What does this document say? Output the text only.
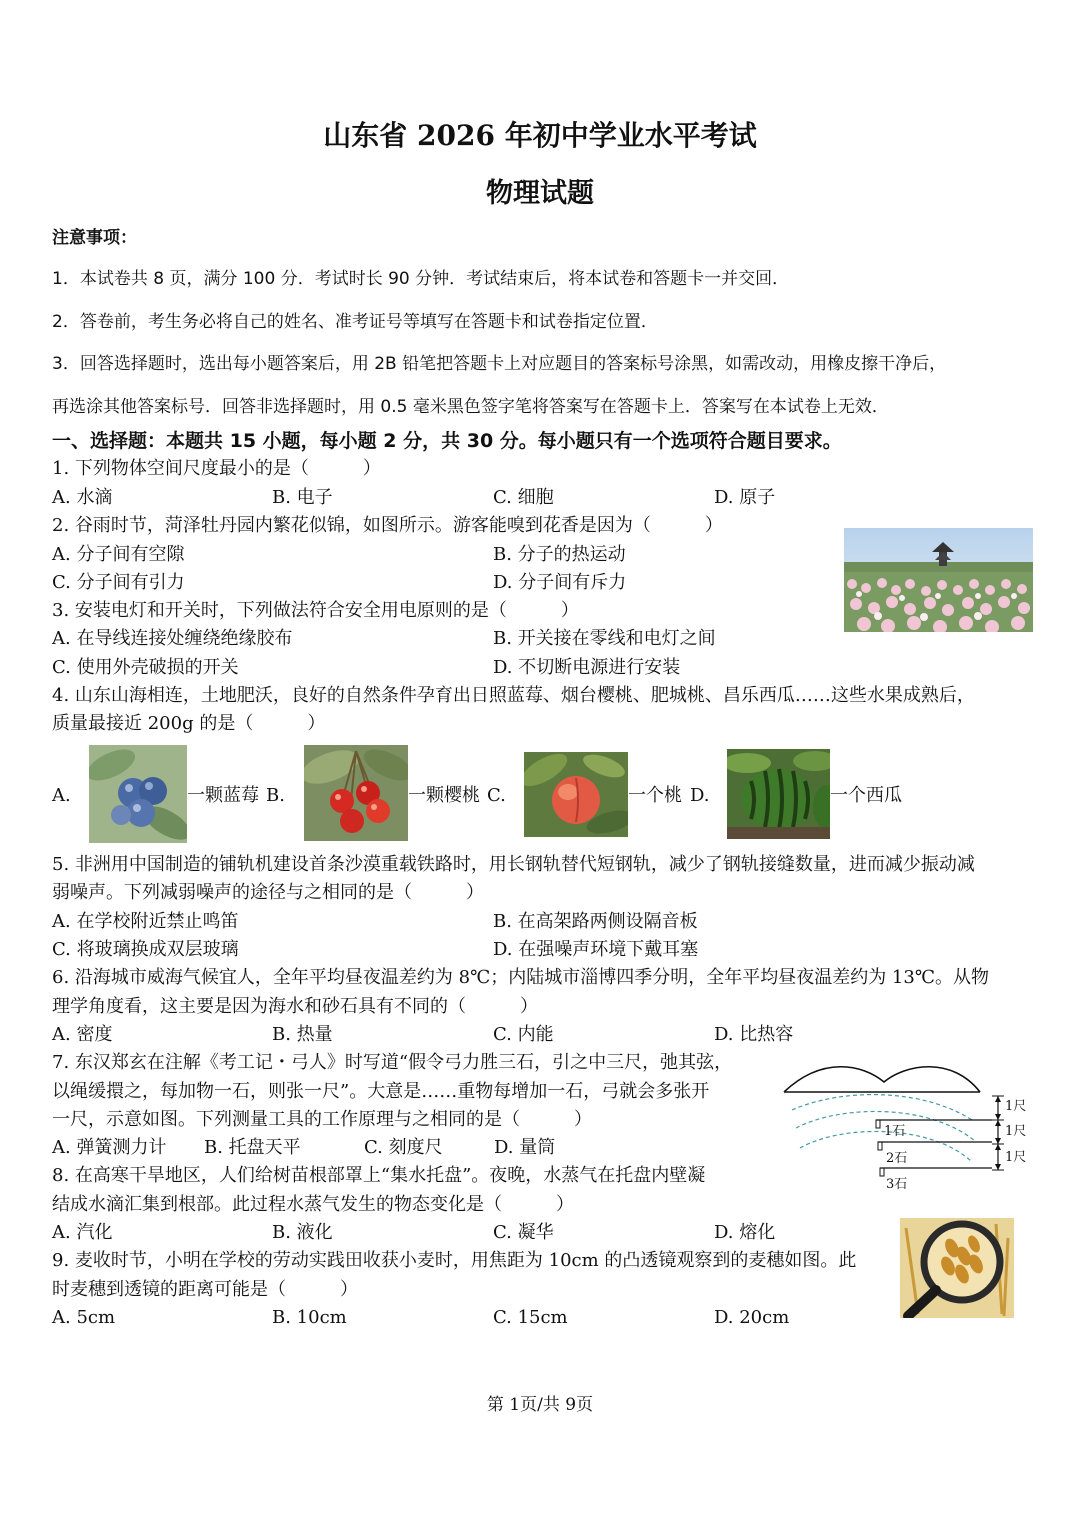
山东省 2026 年初中学业水平考试
物理试题
注意事项：
1．本试卷共 8 页，满分 100 分．考试时长 90 分钟．考试结束后，将本试卷和答题卡一并交回．
2．答卷前，考生务必将自己的姓名、准考证号等填写在答题卡和试卷指定位置．
3．回答选择题时，选出每小题答案后，用 2B 铅笔把答题卡上对应题目的答案标号涂黑，如需改动，用橡皮擦干净后，
再选涂其他答案标号．回答非选择题时，用 0.5 毫米黑色签字笔将答案写在答题卡上．答案写在本试卷上无效．
一、选择题：本题共 15 小题，每小题 2 分，共 30 分。每小题只有一个选项符合题目要求。
1. 下列物体空间尺度最小的是（　　　）
A. 水滴	B. 电子	C. 细胞	D. 原子
2. 谷雨时节，菏泽牡丹园内繁花似锦，如图所示。游客能嗅到花香是因为（　　　）
A. 分子间有空隙	B. 分子的热运动
C. 分子间有引力	D. 分子间有斥力
3. 安装电灯和开关时，下列做法符合安全用电原则的是（　　　）
A. 在导线连接处缠绕绝缘胶布	B. 开关接在零线和电灯之间
C. 使用外壳破损的开关	D. 不切断电源进行安装
4. 山东山海相连，土地肥沃，良好的自然条件孕育出日照蓝莓、烟台樱桃、肥城桃、昌乐西瓜……这些水果成熟后，
质量最接近 200g 的是（　　　）
A.	一颗蓝莓 B.	一颗樱桃 C.	一个桃 D.	一个西瓜
5. 非洲用中国制造的铺轨机建设首条沙漠重载铁路时，用长钢轨替代短钢轨，减少了钢轨接缝数量，进而减少振动减
弱噪声。下列减弱噪声的途径与之相同的是（　　　）
A. 在学校附近禁止鸣笛	B. 在高架路两侧设隔音板
C. 将玻璃换成双层玻璃	D. 在强噪声环境下戴耳塞
6. 沿海城市威海气候宜人，全年平均昼夜温差约为 8℃；内陆城市淄博四季分明，全年平均昼夜温差约为 13℃。从物
理学角度看，这主要是因为海水和砂石具有不同的（　　　）
A. 密度	B. 热量	C. 内能	D. 比热容
7. 东汉郑玄在注解《考工记・弓人》时写道“假令弓力胜三石，引之中三尺，弛其弦，
以绳缓擐之，每加物一石，则张一尺”。大意是……重物每增加一石，弓就会多张开
一尺，示意如图。下列测量工具的工作原理与之相同的是（　　　）
A. 弹簧测力计 B. 托盘天平	C. 刻度尺	D. 量筒
1尺
1尺
1尺
1石
2石
3石
8. 在高寒干旱地区，人们给树苗根部罩上“集水托盘”。夜晚，水蒸气在托盘内壁凝
结成水滴汇集到根部。此过程水蒸气发生的物态变化是（　　　）
A. 汽化	B. 液化	C. 凝华	D. 熔化
9. 麦收时节，小明在学校的劳动实践田收获小麦时，用焦距为 10cm 的凸透镜观察到的麦穗如图。此
时麦穗到透镜的距离可能是（　　　）
A. 5cm	B. 10cm	C. 15cm	D. 20cm
第 1页/共 9页
